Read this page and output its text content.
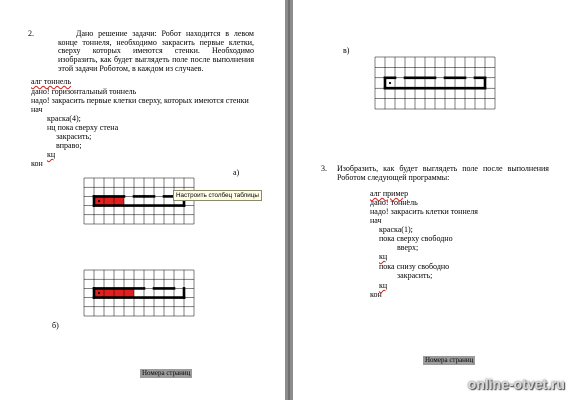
2.	Дано решение задачи: Робот находится в левом конце тоннеля, необходимо закрасить первые клетки, сверху которых имеются стенки. Необходимо изобразить, как будет выглядеть поле после выполнения этой задачи Роботом, в каждом из случаев.
алг тоннель
дано! горизонтальный тоннель
надо! закрасить первые клетки сверху, которых имеются стенки
нач
краска(4);
нц пока сверху стена
закрасить;
вправо;
кц
кон
а)
Настроить столбец таблицы
б)
Номера страниц
в)
3. Изобразить, как будет выглядеть поле после выполнения Роботом следующей программы:
алг пример
дано! тоннель
надо! закрасить клетки тоннеля
нач
краска(1);
пока сверху свободно
вверх;
кц
пока снизу свободно
закрасить;
кц
кон
Номера страниц
online-otvet.ru
